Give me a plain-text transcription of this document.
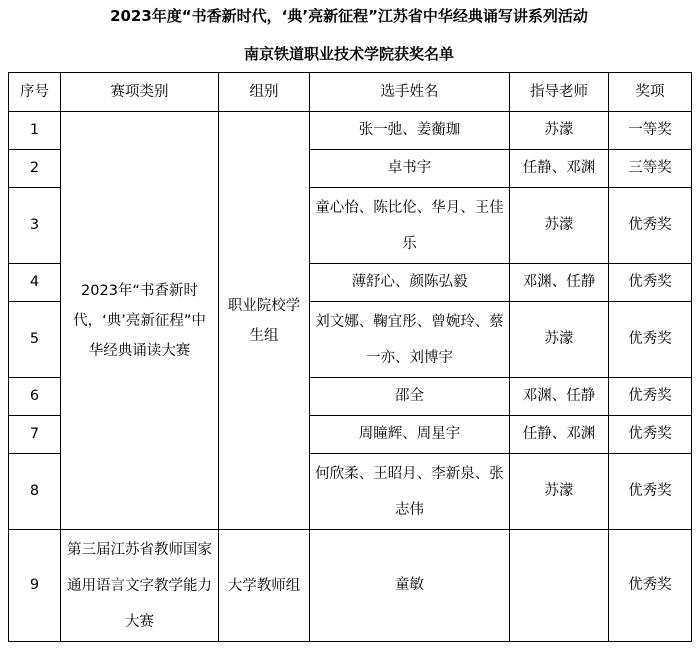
2023年度“书香新时代，‘典’亮新征程”江苏省中华经典诵写讲系列活动
南京铁道职业技术学院获奖名单
序号	赛项类别	组别	选手姓名	指导老师	奖项
1	2023年“书香新时代，‘典’亮新征程”中华经典诵读大赛	职业院校学生组	张一弛、姜蘅珈	苏濛	一等奖
2			卓书宇	任静、邓渊	三等奖
3			童心怡、陈比伦、华月、王佳乐	苏濛	优秀奖
4			薄舒心、颜陈弘毅	邓渊、任静	优秀奖
5			刘文娜、鞠宜彤、曾婉玲、蔡一亦、刘博宇	苏濛	优秀奖
6			邵全	邓渊、任静	优秀奖
7			周瞳辉、周星宇	任静、邓渊	优秀奖
8			何欣柔、王昭月、李新泉、张志伟	苏濛	优秀奖
9	第三届江苏省教师国家通用语言文字教学能力大赛	大学教师组	童敏		优秀奖
